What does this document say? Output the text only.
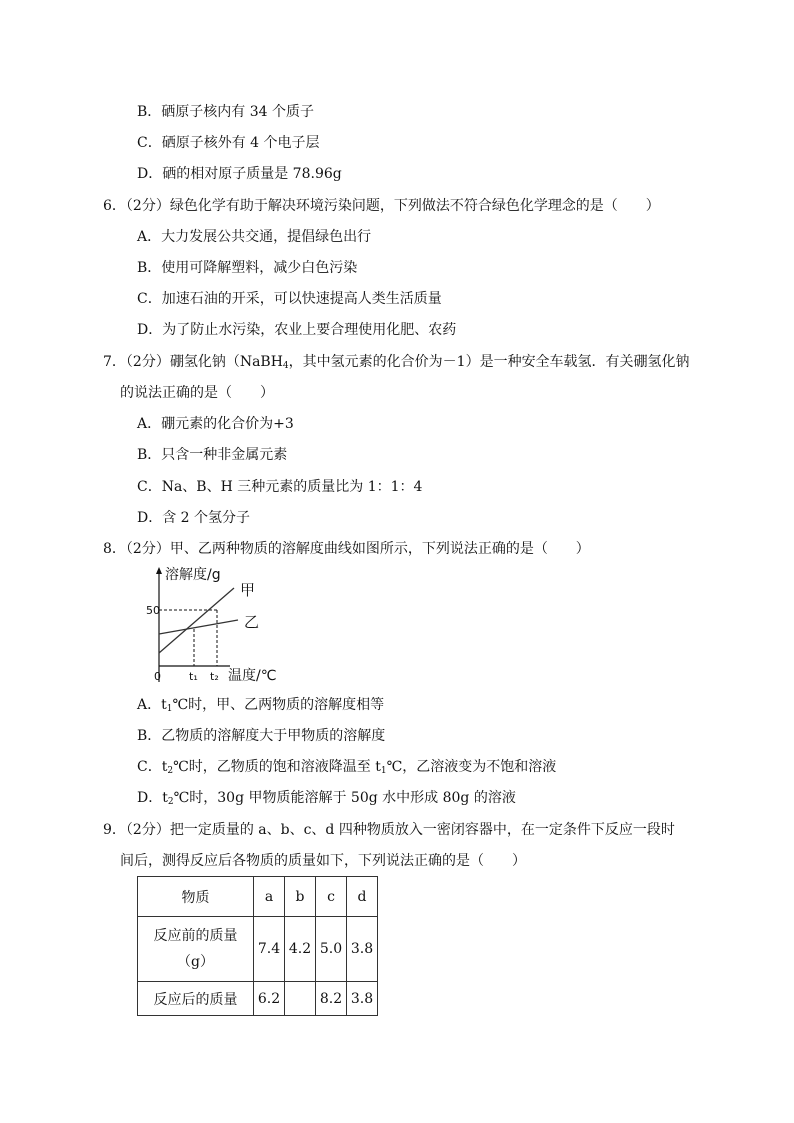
B．硒原子核内有 34 个质子
C．硒原子核外有 4 个电子层
D．硒的相对原子质量是 78.96g
6．（2分）绿色化学有助于解决环境污染问题，下列做法不符合绿色化学理念的是（　　）
A．大力发展公共交通，提倡绿色出行
B．使用可降解塑料，减少白色污染
C．加速石油的开采，可以快速提高人类生活质量
D．为了防止水污染，农业上要合理使用化肥、农药
7．（2分）硼氢化钠（NaBH$_4$，其中氢元素的化合价为－1）是一种安全车载氢．有关硼氢化钠
的说法正确的是（　　）
A．硼元素的化合价为+3
B．只含一种非金属元素
C．Na、B、H 三种元素的质量比为 1：1：4
D．含 2 个氢分子
8．（2分）甲、乙两种物质的溶解度曲线如图所示，下列说法正确的是（　　）
溶解度/g
温度/℃
0
50
t₁ t₂
甲
乙
A．$t_1℃$时，甲、乙两物质的溶解度相等
B．乙物质的溶解度大于甲物质的溶解度
C．$t_2℃$时，乙物质的饱和溶液降温至 $t_1℃$，乙溶液变为不饱和溶液
D．$t_2℃$时，30g 甲物质能溶解于 50g 水中形成 80g 的溶液
9．（2分）把一定质量的 a、b、c、d 四种物质放入一密闭容器中，在一定条件下反应一段时
间后，测得反应后各物质的质量如下，下列说法正确的是（　　）
物质	a	b	c	d
反应前的质量
（g）	7.4	4.2	5.0	3.8
反应后的质量	6.2		8.2	3.8
